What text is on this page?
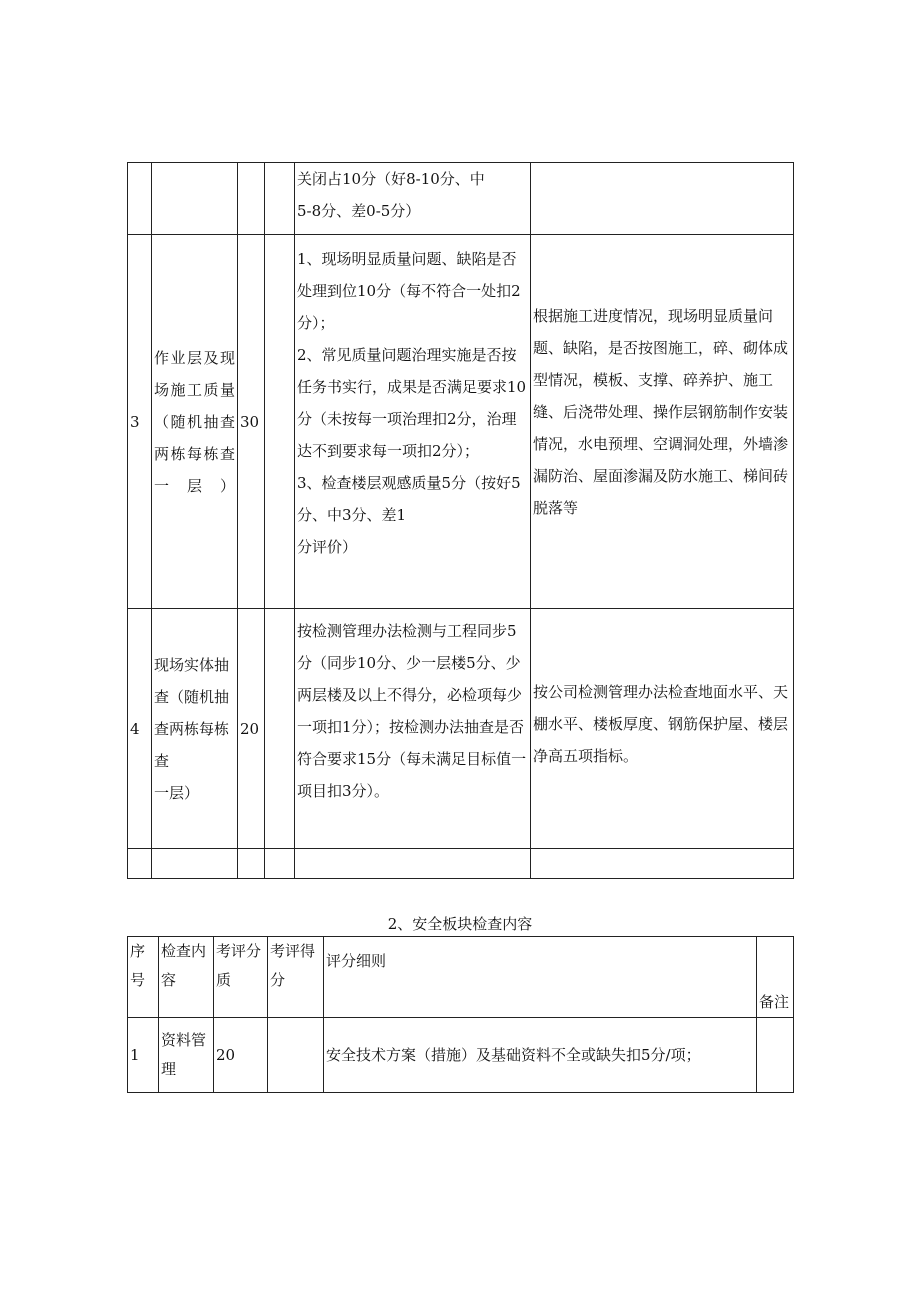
				关闭占10分（好8-10分、中
5-8分、差0-5分）	
3	作业层及现场施工质量（随机抽查两栋每栋查一层）	30		1、现场明显质量问题、缺陷是否处理到位10分（每不符合一处扣2分）；
2、常见质量问题治理实施是否按任务书实行，成果是否满足要求10分（未按每一项治理扣2分，治理达不到要求每一项扣2分）；
3、检查楼层观感质量5分（按好5分、中3分、差1
分评价）	根据施工进度情况，现场明显质量问题、缺陷，是否按图施工，碎、砌体成型情况，模板、支撑、碎养护、施工缝、后浇带处理、操作层钢筋制作安装情况，水电预埋、空调洞处理，外墙渗漏防治、屋面渗漏及防水施工、梯间砖脱落等
4	现场实体抽查（随机抽查两栋每栋查
一层）	20		按检测管理办法检测与工程同步5分（同步10分、少一层楼5分、少两层楼及以上不得分，必检项每少一项扣1分）；按检测办法抽查是否符合要求15分（每未满足目标值一项目扣3分）。	按公司检测管理办法检查地面水平、天棚水平、楼板厚度、钢筋保护屋、楼层净高五项指标。

2、安全板块检查内容
序号	检查内容	考评分质	考评得分	评分细则	备注
1	资料管理	20		安全技术方案（措施）及基础资料不全或缺失扣5分/项；	
